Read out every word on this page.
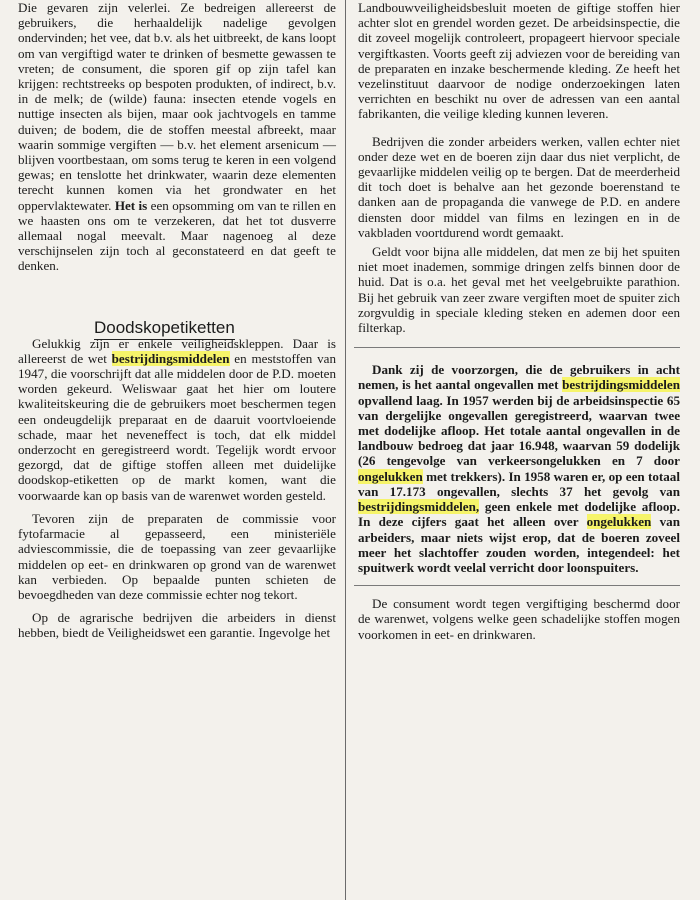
Die gevaren zijn velerlei. Ze bedreigen allereerst de gebruikers, die herhaaldelijk nadelige gevolgen ondervinden; het vee, dat b.v. als het uitbreekt, de kans loopt om van vergiftigd water te drinken of besmette gewassen te vreten; de consument, die sporen gif op zijn tafel kan krijgen: rechtstreeks op bespoten produkten, of indirect, b.v. in de melk; de (wilde) fauna: insecten etende vogels en nuttige insecten als bijen, maar ook jachtvogels en tamme duiven; de bodem, die de stoffen meestal afbreekt, maar waarin sommige vergiften — b.v. het element arsenicum — blijven voortbestaan, om soms terug te keren in een volgend gewas; en tenslotte het drinkwater, waarin deze elementen terecht kunnen komen via het grondwater en het oppervlaktewater. Het is een opsomming om van te rillen en we haasten ons om te verzekeren, dat het tot dusverre allemaal nogal meevalt. Maar nagenoeg al deze verschijnselen zijn toch al geconstateerd en dat geeft te denken.

Doodskopetiketten

Gelukkig zijn er enkele veiligheidskleppen. Daar is allereerst de wet bestrijdingsmiddelen en meststoffen van 1947, die voorschrijft dat alle middelen door de P.D. moeten worden gekeurd. Weliswaar gaat het hier om loutere kwaliteitskeuring die de gebruikers moet beschermen tegen een ondeugdelijk preparaat en de daaruit voortvloeiende schade, maar het neveneffect is toch, dat elk middel onderzocht en geregistreerd wordt. Tegelijk wordt ervoor gezorgd, dat de giftige stoffen alleen met duidelijke doodskop-etiketten op de markt komen, want die voorwaarde kan op basis van de warenwet worden gesteld.

Tevoren zijn de preparaten de commissie voor fytofarmacie al gepasseerd, een ministeriële adviescommissie, die de toepassing van zeer gevaarlijke middelen op eet- en drinkwaren op grond van de warenwet kan verbieden. Op bepaalde punten schieten de bevoegdheden van deze commissie echter nog tekort.

Op de agrarische bedrijven die arbeiders in dienst hebben, biedt de Veiligheidswet een garantie. Ingevolge het

Landbouwveiligheidsbesluit moeten de giftige stoffen hier achter slot en grendel worden gezet. De arbeidsinspectie, die dit zoveel mogelijk controleert, propageert hiervoor speciale vergiftkasten. Voorts geeft zij adviezen voor de bereiding van de preparaten en inzake beschermende kleding. Ze heeft het vezelinstituut daarvoor de nodige onderzoekingen laten verrichten en beschikt nu over de adressen van een aantal fabrikanten, die veilige kleding kunnen leveren.

Bedrijven die zonder arbeiders werken, vallen echter niet onder deze wet en de boeren zijn daar dus niet verplicht, de gevaarlijke middelen veilig op te bergen. Dat de meerderheid dit toch doet is behalve aan het gezonde boerenstand te danken aan de propaganda die vanwege de P.D. en andere diensten door middel van films en lezingen en in de vakbladen voortdurend wordt gemaakt.

Geldt voor bijna alle middelen, dat men ze bij het spuiten niet moet inademen, sommige dringen zelfs binnen door de huid. Dat is o.a. het geval met het veelgebruikte parathion. Bij het gebruik van zeer zware vergiften moet de spuiter zich zorgvuldig in speciale kleding steken en ademen door een filterkap.

Dank zij de voorzorgen, die de gebruikers in acht nemen, is het aantal ongevallen met bestrijdingsmiddelen opvallend laag. In 1957 werden bij de arbeidsinspectie 65 van dergelijke ongevallen geregistreerd, waarvan twee met dodelijke afloop. Het totale aantal ongevallen in de landbouw bedroeg dat jaar 16.948, waarvan 59 dodelijk (26 tengevolge van verkeersongelukken en 7 door ongelukken met trekkers). In 1958 waren er, op een totaal van 17.173 ongevallen, slechts 37 het gevolg van bestrijdingsmiddelen, geen enkele met dodelijke afloop. In deze cijfers gaat het alleen over ongelukken van arbeiders, maar niets wijst erop, dat de boeren zoveel meer het slachtoffer zouden worden, integendeel: het spuitwerk wordt veelal verricht door loonspuiters.

De consument wordt tegen vergiftiging beschermd door de warenwet, volgens welke geen schadelijke stoffen mogen voorkomen in eet- en drinkwaren.
